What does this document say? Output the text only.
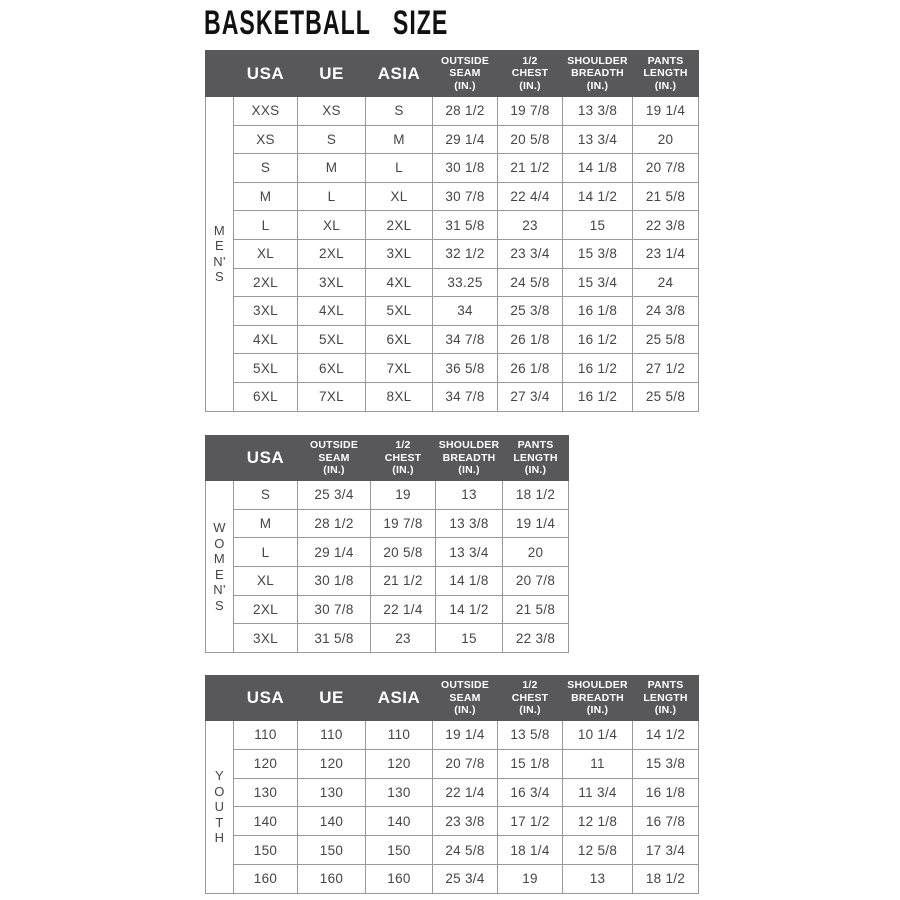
BASKETBALL SIZE
	USA	UE	ASIA	OUTSIDE
SEAM
(IN.)	1/2
CHEST
(IN.)	SHOULDER
BREADTH
(IN.)	PANTS
LENGTH
(IN.)

M
E
N'
S	XXS	XS	S	28 1/2	19 7/8	13 3/8	19 1/4
	XS	S	M	29 1/4	20 5/8	13 3/4	20
	S	M	L	30 1/8	21 1/2	14 1/8	20 7/8
	M	L	XL	30 7/8	22 4/4	14 1/2	21 5/8
	L	XL	2XL	31 5/8	23	15	22 3/8
	XL	2XL	3XL	32 1/2	23 3/4	15 3/8	23 1/4
	2XL	3XL	4XL	33.25	24 5/8	15 3/4	24
	3XL	4XL	5XL	34	25 3/8	16 1/8	24 3/8
	4XL	5XL	6XL	34 7/8	26 1/8	16 1/2	25 5/8
	5XL	6XL	7XL	36 5/8	26 1/8	16 1/2	27 1/2
	6XL	7XL	8XL	34 7/8	27 3/4	16 1/2	25 5/8
	USA	OUTSIDE
SEAM
(IN.)	1/2
CHEST
(IN.)	SHOULDER
BREADTH
(IN.)	PANTS
LENGTH
(IN.)

W
O
M
E
N'
S
	S	25 3/4	19	13	18 1/2
	M	28 1/2	19 7/8	13 3/8	19 1/4
	L	29 1/4	20 5/8	13 3/4	20
	XL	30 1/8	21 1/2	14 1/8	20 7/8
	2XL	30 7/8	22 1/4	14 1/2	21 5/8
	3XL	31 5/8	23	15	22 3/8
	USA	UE	ASIA	OUTSIDE
SEAM
(IN.)	1/2
CHEST
(IN.)	SHOULDER
BREADTH
(IN.)	PANTS
LENGTH
(IN.)

Y
O
U
T
H	110	110	110	19 1/4	13 5/8	10 1/4	14 1/2
	120	120	120	20 7/8	15 1/8	11	15 3/8
	130	130	130	22 1/4	16 3/4	11 3/4	16 1/8
	140	140	140	23 3/8	17 1/2	12 1/8	16 7/8
	150	150	150	24 5/8	18 1/4	12 5/8	17 3/4
	160	160	160	25 3/4	19	13	18 1/2
